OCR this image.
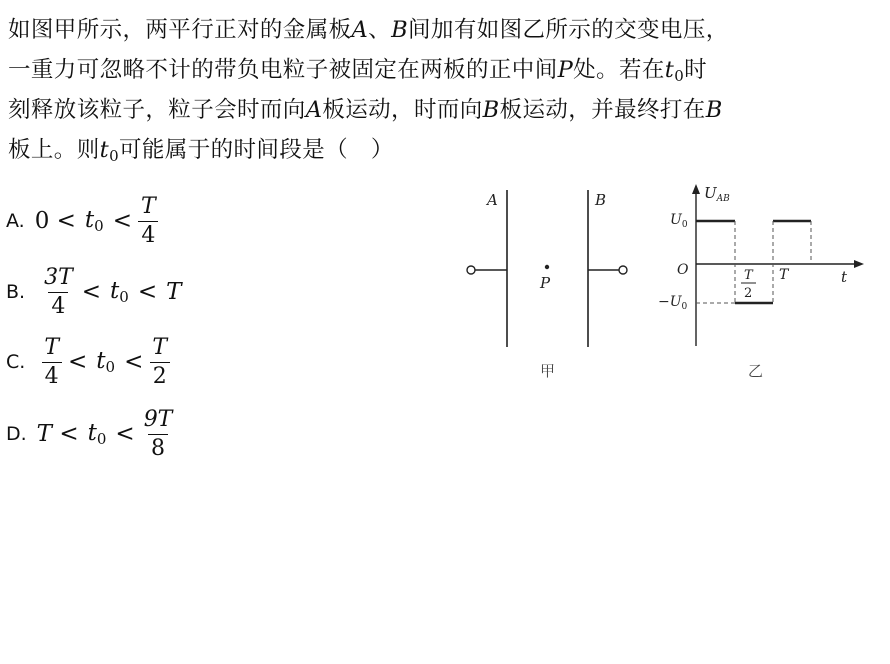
如图甲所示，两平行正对的金属板A、B间加有如图乙所示的交变电压，
一重力可忽略不计的带负电粒子被固定在两板的正中间P处。若在$t_0$时
刻释放该粒子，粒子会时而向A板运动，时而向B板运动，并最终打在B
板上。则$t_0$可能属于的时间段是（　）
A. $0 < t_0 < \frac{T}{4}$
B. $\frac{3T}{4} < t_0 < T$
C. $\frac{T}{4} < t_0 < \frac{T}{2}$
D. $T < t_0 < \frac{9T}{8}$
A	B
P
甲
$U_{AB}$
$U_0$
$-U_0$
O	T
2
T	t
乙
